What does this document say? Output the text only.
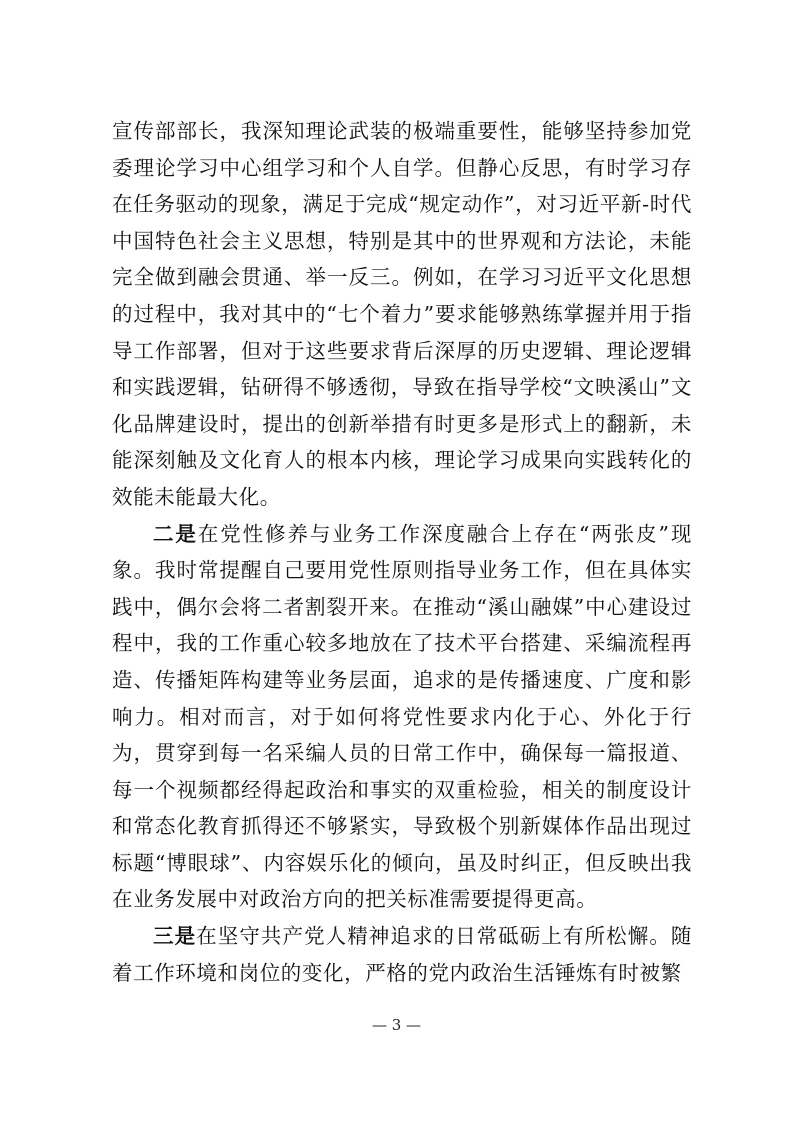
宣传部部长，我深知理论武装的极端重要性，能够坚持参加党委理论学习中心组学习和个人自学。但静心反思，有时学习存在任务驱动的现象，满足于完成“规定动作”，对习近平新-时代中国特色社会主义思想，特别是其中的世界观和方法论，未能完全做到融会贯通、举一反三。例如，在学习习近平文化思想的过程中，我对其中的“七个着力”要求能够熟练掌握并用于指导工作部署，但对于这些要求背后深厚的历史逻辑、理论逻辑和实践逻辑，钻研得不够透彻，导致在指导学校“文映溪山”文化品牌建设时，提出的创新举措有时更多是形式上的翻新，未能深刻触及文化育人的根本内核，理论学习成果向实践转化的效能未能最大化。

二是在党性修养与业务工作深度融合上存在“两张皮”现象。我时常提醒自己要用党性原则指导业务工作，但在具体实践中，偶尔会将二者割裂开来。在推动“溪山融媒”中心建设过程中，我的工作重心较多地放在了技术平台搭建、采编流程再造、传播矩阵构建等业务层面，追求的是传播速度、广度和影响力。相对而言，对于如何将党性要求内化于心、外化于行为，贯穿到每一名采编人员的日常工作中，确保每一篇报道、每一个视频都经得起政治和事实的双重检验，相关的制度设计和常态化教育抓得还不够紧实，导致极个别新媒体作品出现过标题“博眼球”、内容娱乐化的倾向，虽及时纠正，但反映出我在业务发展中对政治方向的把关标准需要提得更高。

三是在坚守共产党人精神追求的日常砥砺上有所松懈。随着工作环境和岗位的变化，严格的党内政治生活锤炼有时被繁

— 3 —
